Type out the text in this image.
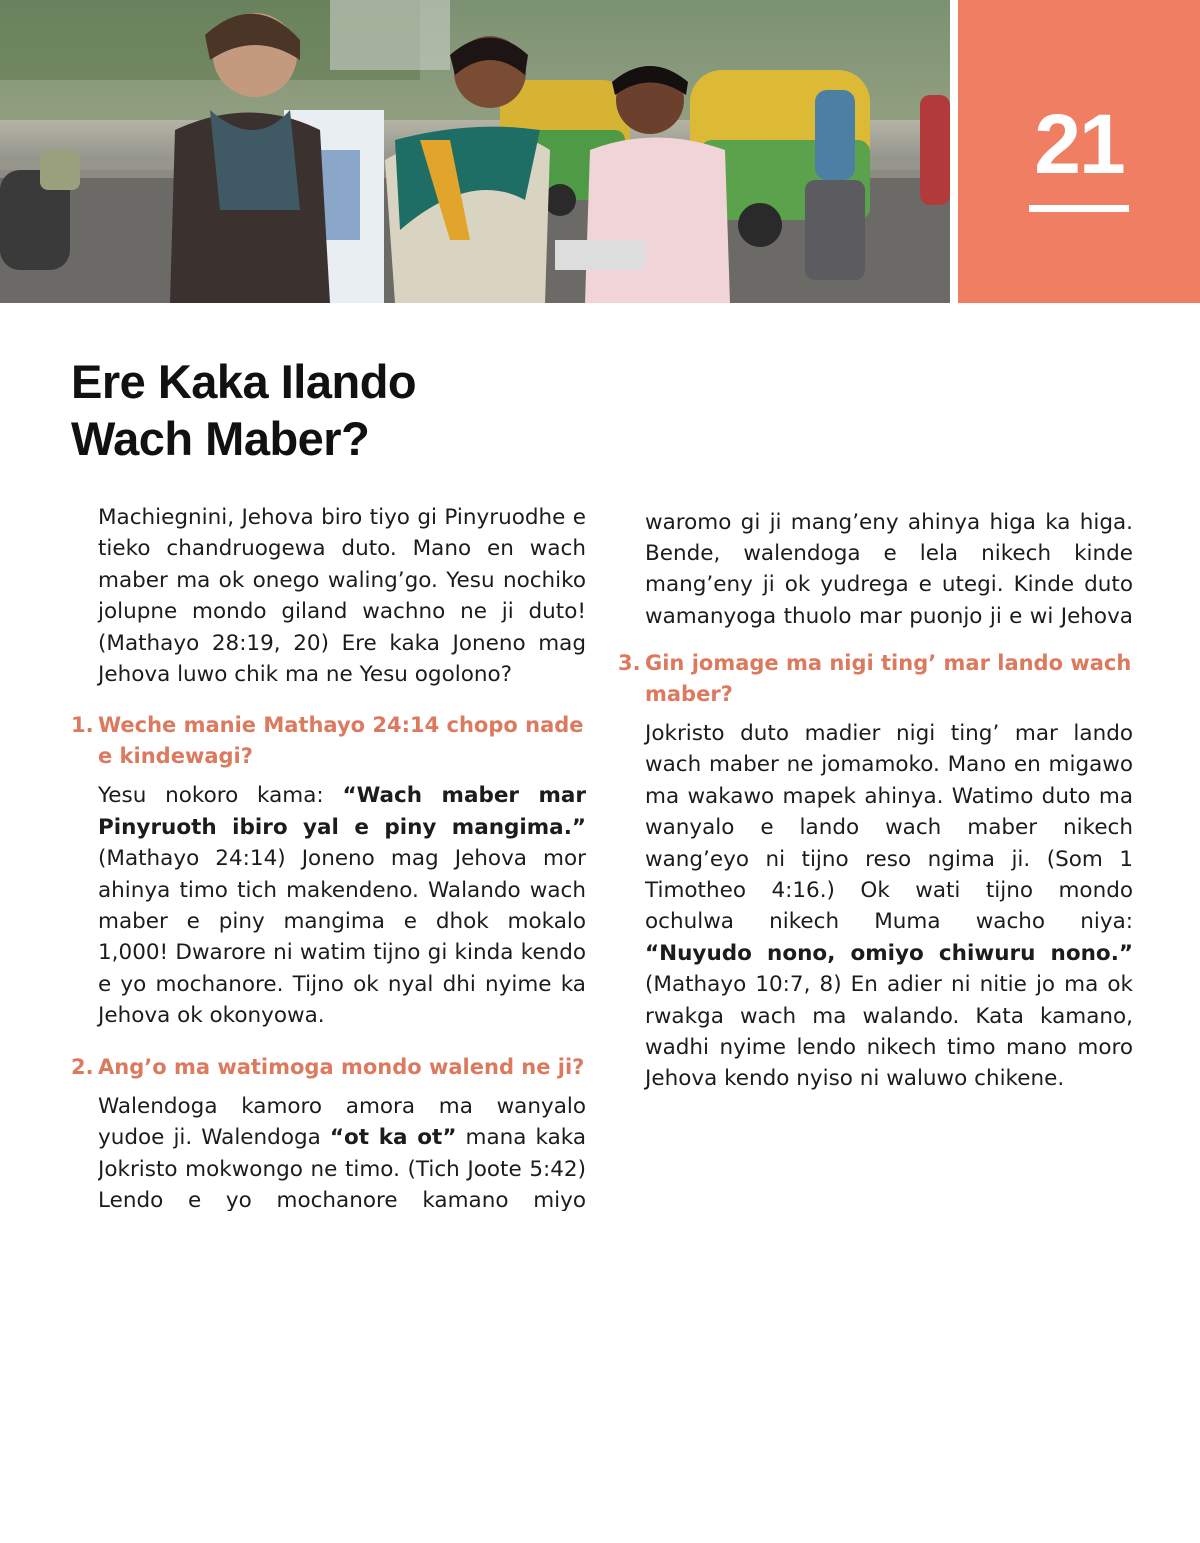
21
Ere Kaka Ilando
Wach Maber?

Machiegnini, Jehova biro tiyo gi Pinyruodhe e tieko chandruogewa duto. Mano en wach maber ma ok onego waling’go. Yesu nochiko jolupne mondo giland wachno ne ji duto! (Mathayo 28:19, 20) Ere kaka Joneno mag Jehova luwo chik ma ne Yesu ogolono?

1. Weche manie Mathayo 24:14 chopo nade e kindewagi?

Yesu nokoro kama: “Wach maber mar Pinyruoth ibiro yal e piny mangima.” (Mathayo 24:14) Joneno mag Jehova mor ahinya timo tich makendeno. Walando wach maber e piny mangima e dhok mokalo 1,000! Dwarore ni watim tijno gi kinda kendo e yo mochanore. Tijno ok nyal dhi nyime ka Jehova ok okonyowa.

2. Ang’o ma watimoga mondo walend ne ji?

Walendoga kamoro amora ma wanyalo yudoe ji. Walendoga “ot ka ot” mana kaka Jokristo mokwongo ne timo. (Tich Joote 5:42) Lendo e yo mochanore kamano miyo

waromo gi ji mang’eny ahinya higa ka higa. Bende, walendoga e lela nikech kinde mang’eny ji ok yudrega e utegi. Kinde duto wamanyoga thuolo mar puonjo ji e wi Jehova

3. Gin jomage ma nigi ting’ mar lando wach maber?

Jokristo duto madier nigi ting’ mar lando wach maber ne jomamoko. Mano en migawo ma wakawo mapek ahinya. Watimo duto ma wanyalo e lando wach maber nikech wang’eyo ni tijno reso ngima ji. (Som 1 Timotheo 4:16.) Ok wati tijno mondo ochulwa nikech Muma wacho niya: “Nuyudo nono, omiyo chiwuru nono.” (Mathayo 10:7, 8) En adier ni nitie jo ma ok rwakga wach ma walando. Kata kamano, wadhi nyime lendo nikech timo mano moro Jehova kendo nyiso ni waluwo chikene.
